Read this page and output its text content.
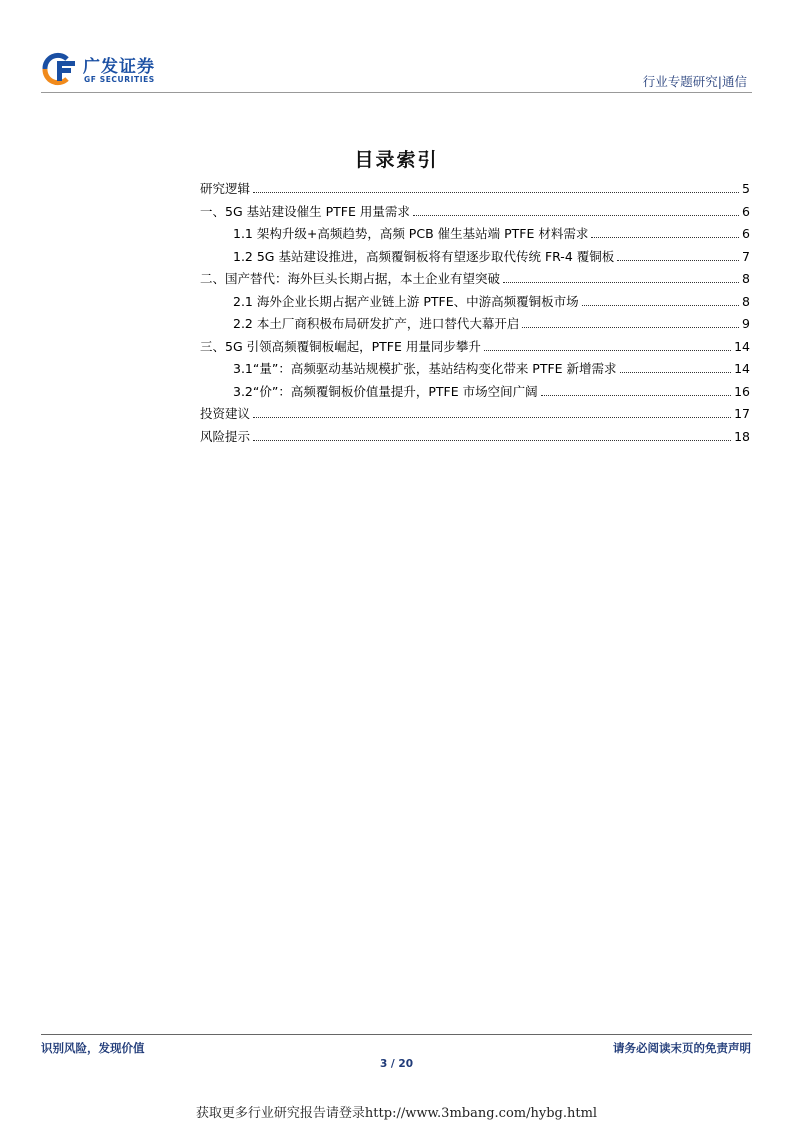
广发证券
GF SECURITIES	行业专题研究|通信
目录索引
研究逻辑	5
一、5G 基站建设催生 PTFE 用量需求	6
1.1 架构升级+高频趋势，高频 PCB 催生基站端 PTFE 材料需求	6
1.2 5G 基站建设推进，高频覆铜板将有望逐步取代传统 FR-4 覆铜板	7
二、国产替代：海外巨头长期占据，本土企业有望突破	8
2.1 海外企业长期占据产业链上游 PTFE、中游高频覆铜板市场	8
2.2 本土厂商积极布局研发扩产，进口替代大幕开启	9
三、5G 引领高频覆铜板崛起，PTFE 用量同步攀升	14
3.1“量”：高频驱动基站规模扩张，基站结构变化带来 PTFE 新增需求	14
3.2“价”：高频覆铜板价值量提升，PTFE 市场空间广阔	16
投资建议	17
风险提示	18
识别风险，发现价值	请务必阅读末页的免责声明
3 / 20
获取更多行业研究报告请登录http://www.3mbang.com/hybg.html
